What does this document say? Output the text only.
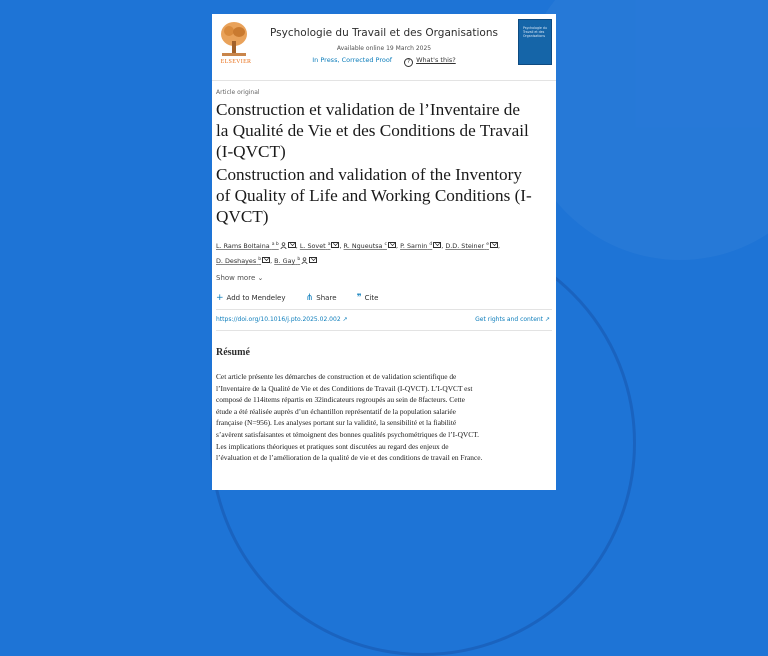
ELSEVIER
Psychologie du Travail et des Organisations
Available online 19 March 2025
In Press, Corrected Proof	? What's this?
Psychologie du Travail et des Organisations
Article original
Construction et validation de l’Inventaire de
la Qualité de Vie et des Conditions de Travail
(I-QVCT)
Construction and validation of the Inventory
of Quality of Life and Working Conditions (I-
QVCT)
L. Rams Boltaina $^{a b}$	, L. Sovet $^a$ , R. Ngueutsa $^c$ , P. Sarnin $^d$ , D.D. Steiner $^e$ ,
D. Deshayes $^b$ , B. Gay $^b$
Show more ⌄
+ Add to Mendeley ⋔ Share ❞ Cite
https://doi.org/10.1016/j.pto.2025.02.002 ↗	Get rights and content ↗
Résumé

Cet article présente les démarches de construction et de validation scientifique de

l’Inventaire de la Qualité de Vie et des Conditions de Travail (I-QVCT). L’I-QVCT est

composé de 114items répartis en 32indicateurs regroupés au sein de 8facteurs. Cette

étude a été réalisée auprès d’un échantillon représentatif de la population salariée

française (N=956). Les analyses portant sur la validité, la sensibilité et la fiabilité

s’avèrent satisfaisantes et témoignent des bonnes qualités psychométriques de l’I-QVCT.

Les implications théoriques et pratiques sont discutées au regard des enjeux de

l’évaluation et de l’amélioration de la qualité de vie et des conditions de travail en France.
